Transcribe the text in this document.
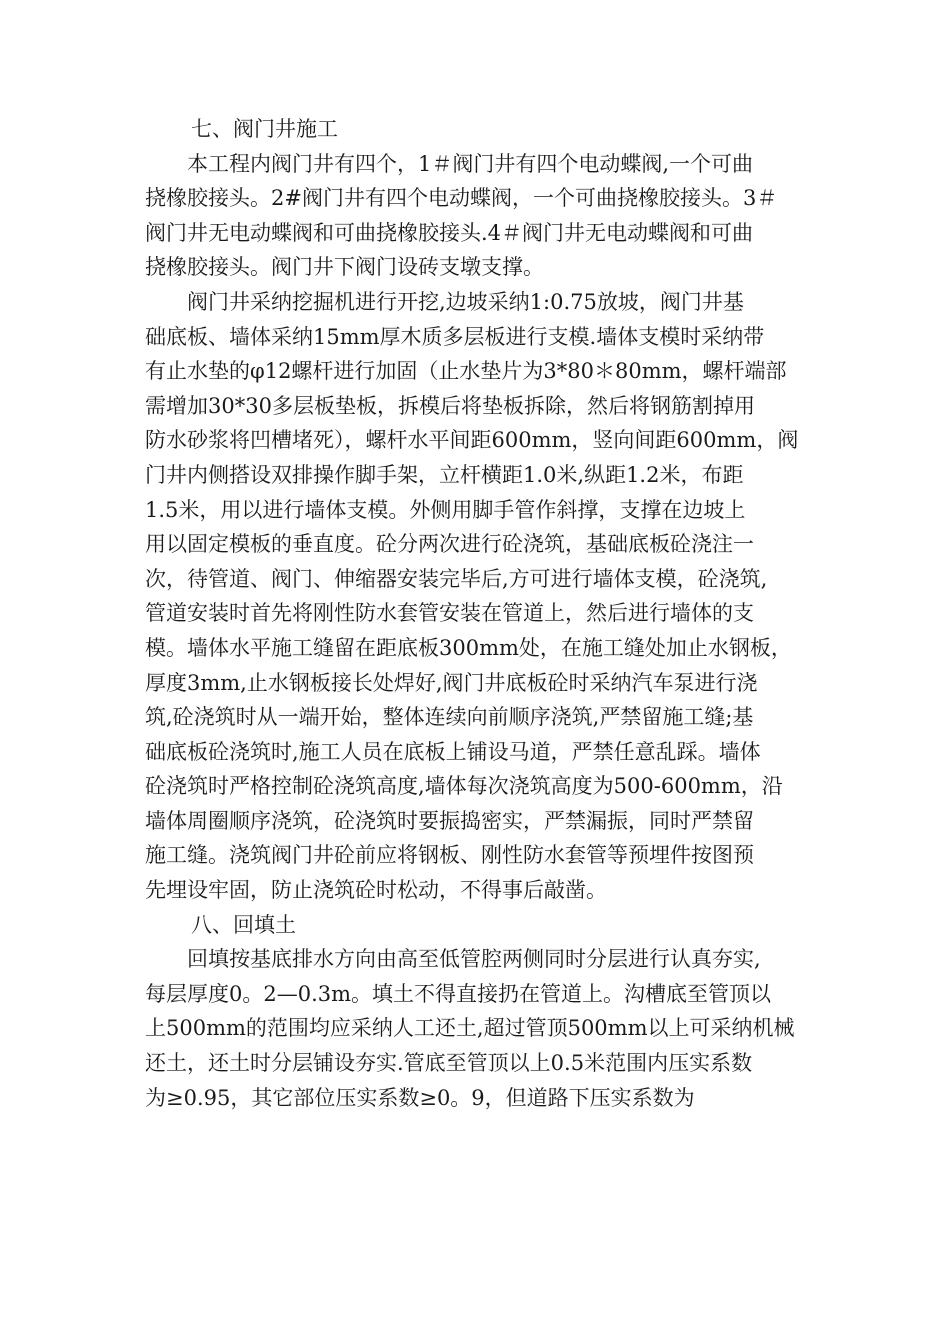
七、阀门井施工
本工程内阀门井有四个，1＃阀门井有四个电动蝶阀,一个可曲
挠橡胶接头。2#阀门井有四个电动蝶阀，一个可曲挠橡胶接头。3＃
阀门井无电动蝶阀和可曲挠橡胶接头.4＃阀门井无电动蝶阀和可曲
挠橡胶接头。阀门井下阀门设砖支墩支撑。
阀门井采纳挖掘机进行开挖,边坡采纳1:0.75放坡，阀门井基
础底板、墙体采纳15mm厚木质多层板进行支模.墙体支模时采纳带
有止水垫的φ12螺杆进行加固（止水垫片为3*80＊80mm，螺杆端部
需增加30*30多层板垫板，拆模后将垫板拆除，然后将钢筋割掉用
防水砂浆将凹槽堵死），螺杆水平间距600mm，竖向间距600mm，阀
门井内侧搭设双排操作脚手架，立杆横距1.0米,纵距1.2米，布距
1.5米，用以进行墙体支模。外侧用脚手管作斜撑，支撑在边坡上
用以固定模板的垂直度。砼分两次进行砼浇筑，基础底板砼浇注一
次，待管道、阀门、伸缩器安装完毕后,方可进行墙体支模，砼浇筑,
管道安装时首先将刚性防水套管安装在管道上，然后进行墙体的支
模。墙体水平施工缝留在距底板300mm处，在施工缝处加止水钢板，
厚度3mm,止水钢板接长处焊好,阀门井底板砼时采纳汽车泵进行浇
筑,砼浇筑时从一端开始，整体连续向前顺序浇筑,严禁留施工缝;基
础底板砼浇筑时,施工人员在底板上铺设马道，严禁任意乱踩。墙体
砼浇筑时严格控制砼浇筑高度,墙体每次浇筑高度为500-600mm，沿
墙体周圈顺序浇筑，砼浇筑时要振捣密实，严禁漏振，同时严禁留
施工缝。浇筑阀门井砼前应将钢板、刚性防水套管等预埋件按图预
先埋设牢固，防止浇筑砼时松动，不得事后敲凿。
八、回填土
回填按基底排水方向由高至低管腔两侧同时分层进行认真夯实,
每层厚度0。2—0.3m。填土不得直接扔在管道上。沟槽底至管顶以
上500mm的范围均应采纳人工还土,超过管顶500mm以上可采纳机械
还土，还土时分层铺设夯实.管底至管顶以上0.5米范围内压实系数
为≥0.95，其它部位压实系数≥0。9，但道路下压实系数为
